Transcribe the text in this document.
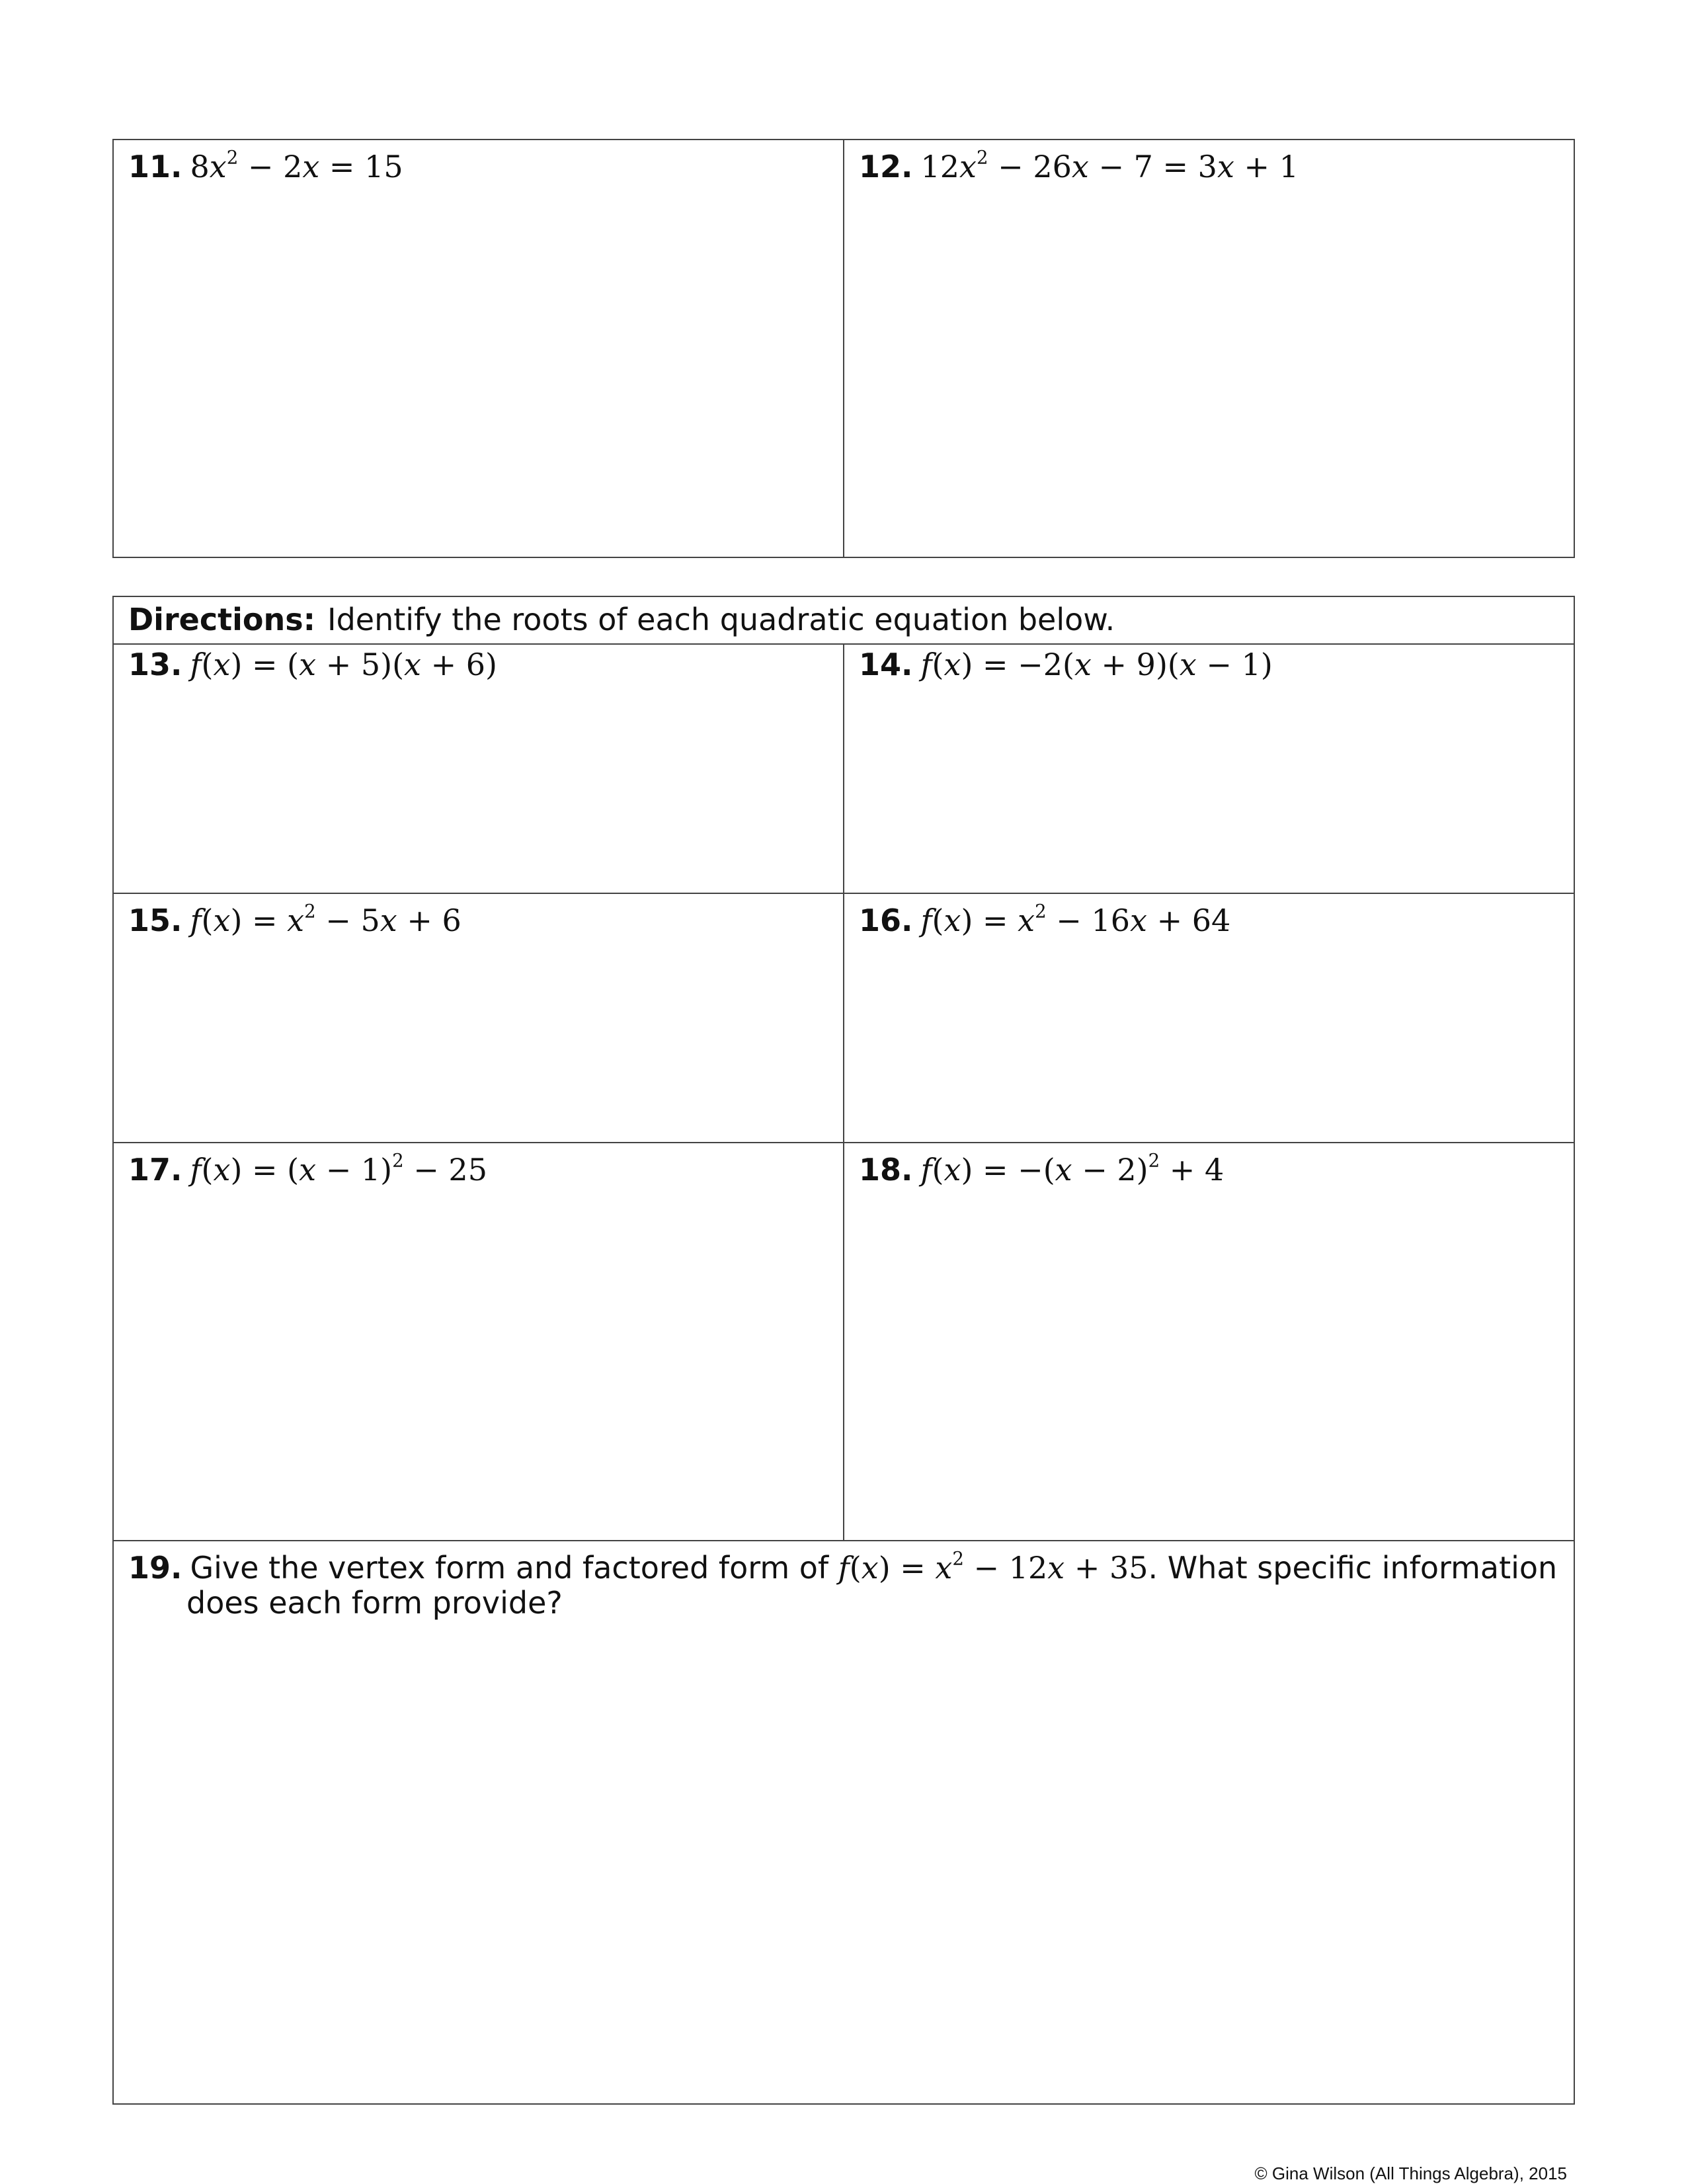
11. $8x^2 - 2x = 15$	12. $12x^2 - 26x - 7 = 3x + 1$
Directions: Identify the roots of each quadratic equation below.	

13. f(x) = (x + 5)(x + 6)	14. f(x) = −2(x + 9)(x − 1)

15. $f(x) = x^2 - 5x + 6$	16. $f(x) = x^2 - 16x + 64$

17. $f(x) = (x - 1)^2 - 25$	18. $f(x) = -(x - 2)^2 + 4$

19. Give the vertex form and factored form of $f(x) = x^2 - 12x + 35$. What specific information does each form provide?	
© Gina Wilson (All Things Algebra), 2015
